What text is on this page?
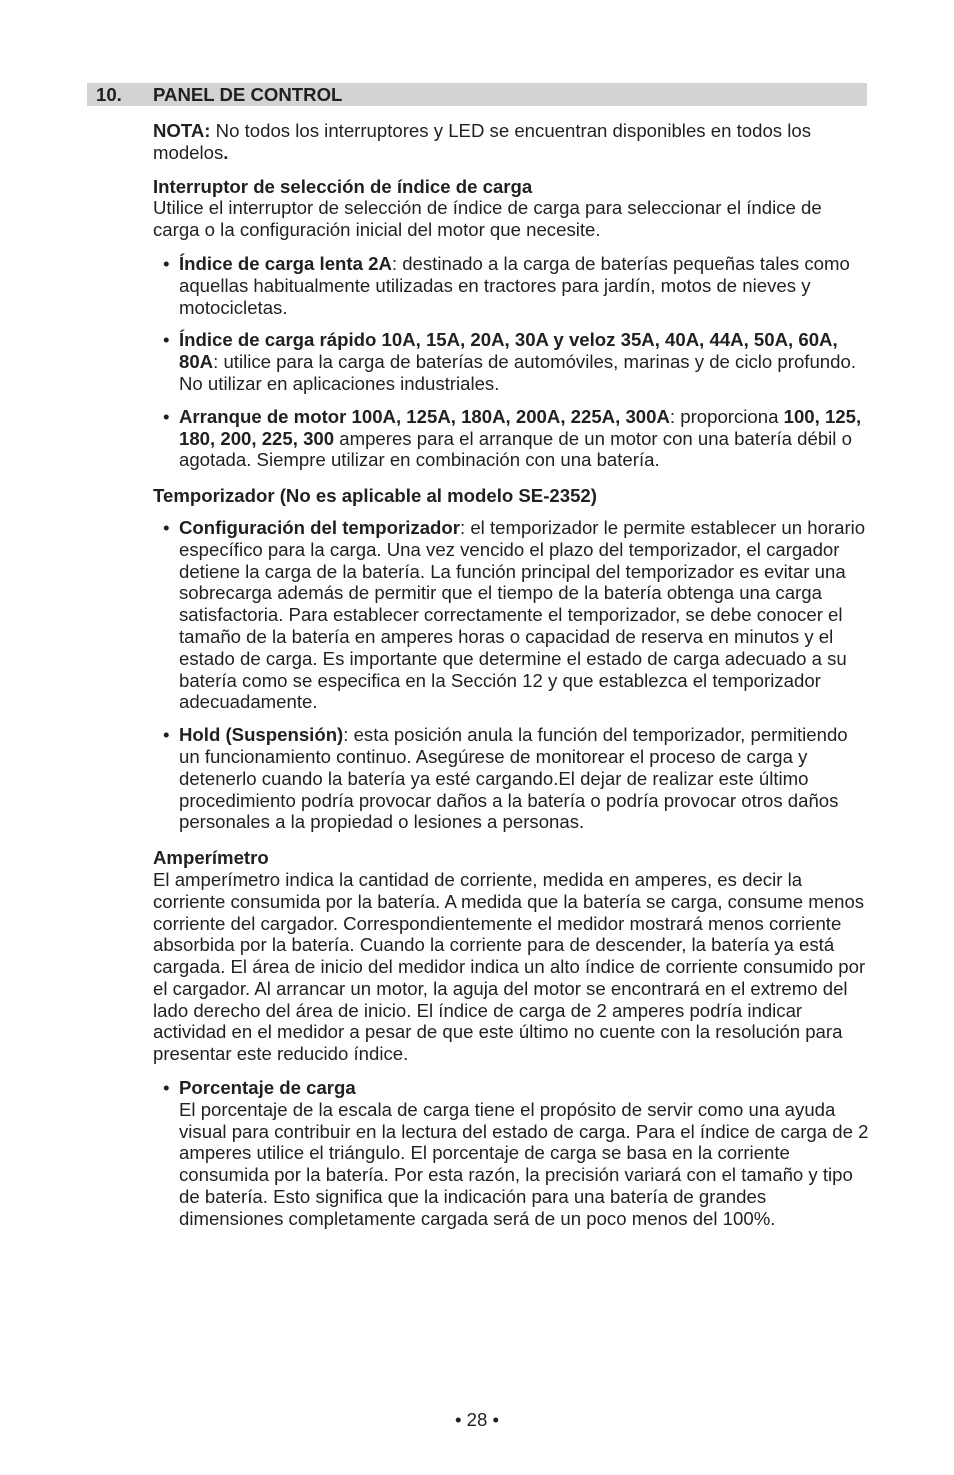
10. PANEL DE CONTROL

NOTA: No todos los interruptores y LED se encuentran disponibles en todos los modelos.

Interruptor de selección de índice de carga

Utilice el interruptor de selección de índice de carga para seleccionar el índice de carga o la configuración inicial del motor que necesite.

• Índice de carga lenta 2A: destinado a la carga de baterías pequeñas tales como aquellas habitualmente utilizadas en tractores para jardín, motos de nieves y motocicletas.
• Índice de carga rápido 10A, 15A, 20A, 30A y veloz 35A, 40A, 44A, 50A, 60A, 80A: utilice para la carga de baterías de automóviles, marinas y de ciclo profundo. No utilizar en aplicaciones industriales.
• Arranque de motor 100A, 125A, 180A, 200A, 225A, 300A: proporciona 100, 125, 180, 200, 225, 300 amperes para el arranque de un motor con una batería débil o agotada. Siempre utilizar en combinación con una batería.

Temporizador (No es aplicable al modelo SE-2352)

• Configuración del temporizador: el temporizador le permite establecer un horario específico para la carga. Una vez vencido el plazo del temporizador, el cargador detiene la carga de la batería. La función principal del temporizador es evitar una sobrecarga además de permitir que el tiempo de la batería obtenga una carga satisfactoria. Para establecer correctamente el temporizador, se debe conocer el tamaño de la batería en amperes horas o capacidad de reserva en minutos y el estado de carga. Es importante que determine el estado de carga adecuado a su batería como se especifica en la Sección 12 y que establezca el temporizador adecuadamente.
• Hold (Suspensión): esta posición anula la función del temporizador, permitiendo un funcionamiento continuo. Asegúrese de monitorear el proceso de carga y detenerlo cuando la batería ya esté cargando.El dejar de realizar este último procedimiento podría provocar daños a la batería o podría provocar otros daños personales a la propiedad o lesiones a personas.

Amperímetro

El amperímetro indica la cantidad de corriente, medida en amperes, es decir la corriente consumida por la batería. A medida que la batería se carga, consume menos corriente del cargador. Correspondientemente el medidor mostrará menos corriente absorbida por la batería. Cuando la corriente para de descender, la batería ya está cargada. El área de inicio del medidor indica un alto índice de corriente consumido por el cargador. Al arrancar un motor, la aguja del motor se encontrará en el extremo del lado derecho del área de inicio. El índice de carga de 2 amperes podría indicar actividad en el medidor a pesar de que este último no cuente con la resolución para presentar este reducido índice.

• Porcentaje de carga

El porcentaje de la escala de carga tiene el propósito de servir como una ayuda visual para contribuir en la lectura del estado de carga. Para el índice de carga de 2 amperes utilice el triángulo. El porcentaje de carga se basa en la corriente consumida por la batería. Por esta razón, la precisión variará con el tamaño y tipo de batería. Esto significa que la indicación para una batería de grandes dimensiones completamente cargada será de un poco menos del 100%.

• 28 •
